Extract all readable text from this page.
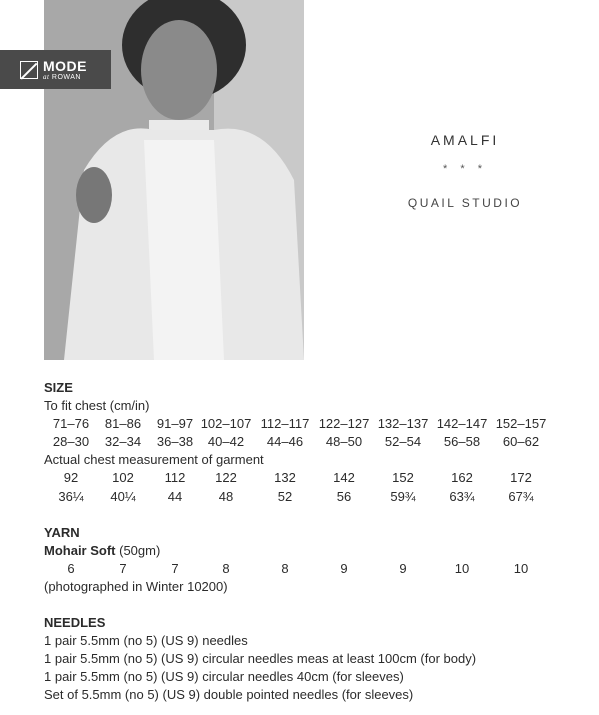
MODE
at ROWAN
AMALFI
* * *
QUAIL STUDIO
SIZE
To fit chest (cm/in)
71–76	81–86	91–97 102–107 112–117 122–127 132–137 142–147 152–157
28–30	32–34	36–38	40–42	44–46	48–50	52–54	56–58	60–62
Actual chest measurement of garment
92	102	112	122	132	142	152	162	172
36¼	40¼	44	48	52	56	59¾	63¾	67¾
YARN
Mohair Soft (50gm)
6	7	7	8	8	9	9	10	10
(photographed in Winter 10200)
NEEDLES
1 pair 5.5mm (no 5) (US 9) needles
1 pair 5.5mm (no 5) (US 9) circular needles meas at least 100cm (for body)
1 pair 5.5mm (no 5) (US 9) circular needles 40cm (for sleeves)
Set of 5.5mm (no 5) (US 9) double pointed needles (for sleeves)
